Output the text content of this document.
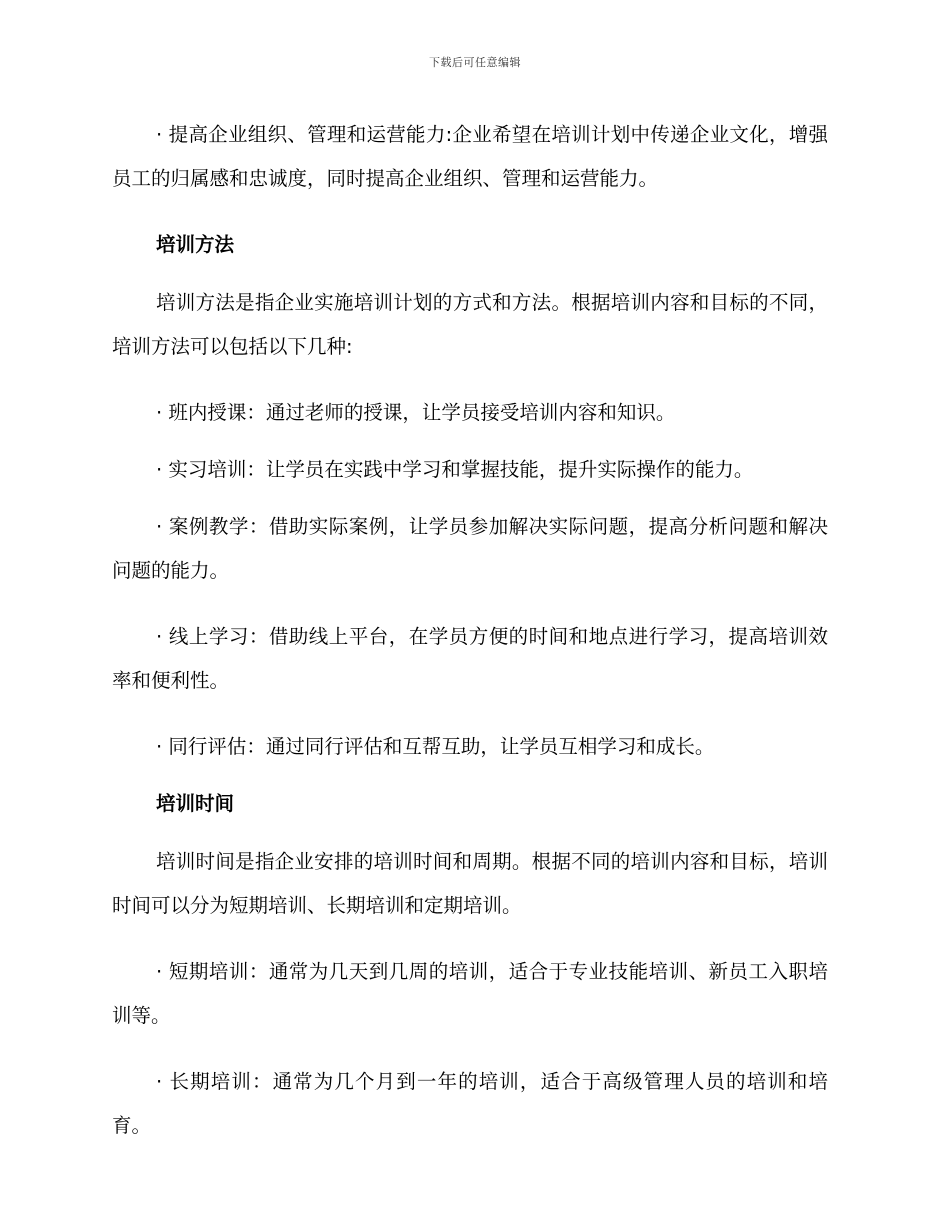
下载后可任意编辑

· 提高企业组织、管理和运营能力:企业希望在培训计划中传递企业文化，增强员工的归属感和忠诚度，同时提高企业组织、管理和运营能力。

培训方法

培训方法是指企业实施培训计划的方式和方法。根据培训内容和目标的不同，培训方法可以包括以下几种:

· 班内授课：通过老师的授课，让学员接受培训内容和知识。

· 实习培训：让学员在实践中学习和掌握技能，提升实际操作的能力。

· 案例教学：借助实际案例，让学员参加解决实际问题，提高分析问题和解决问题的能力。

· 线上学习：借助线上平台，在学员方便的时间和地点进行学习，提高培训效率和便利性。

· 同行评估：通过同行评估和互帮互助，让学员互相学习和成长。

培训时间

培训时间是指企业安排的培训时间和周期。根据不同的培训内容和目标，培训时间可以分为短期培训、长期培训和定期培训。

· 短期培训：通常为几天到几周的培训，适合于专业技能培训、新员工入职培训等。

· 长期培训：通常为几个月到一年的培训，适合于高级管理人员的培训和培育。
